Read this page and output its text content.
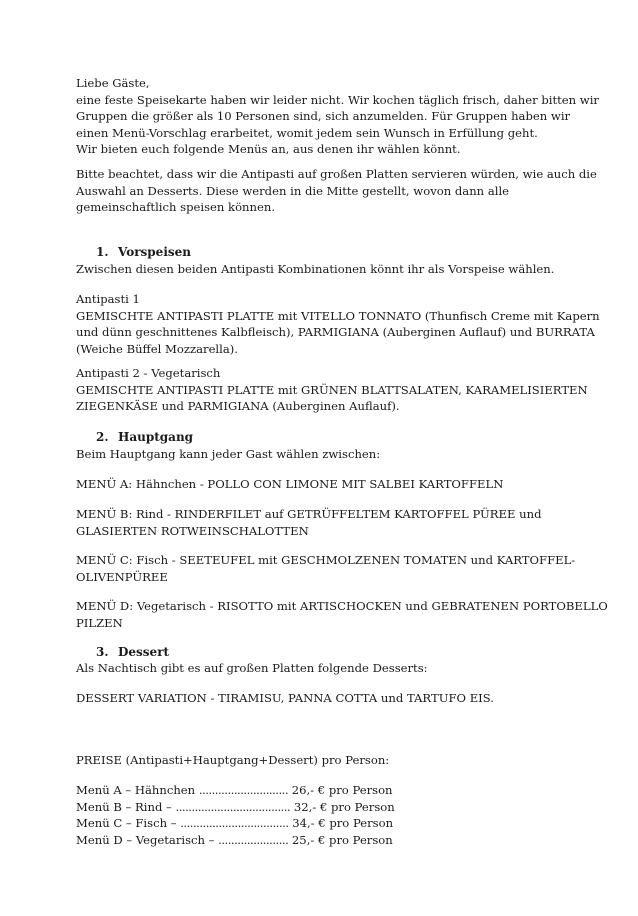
Liebe Gäste,
eine feste Speisekarte haben wir leider nicht. Wir kochen täglich frisch, daher bitten wir
Gruppen die größer als 10 Personen sind, sich anzumelden. Für Gruppen haben wir
einen Menü-Vorschlag erarbeitet, womit jedem sein Wunsch in Erfüllung geht.
Wir bieten euch folgende Menüs an, aus denen ihr wählen könnt.
Bitte beachtet, dass wir die Antipasti auf großen Platten servieren würden, wie auch die
Auswahl an Desserts. Diese werden in die Mitte gestellt, wovon dann alle
gemeinschaftlich speisen können.
1. Vorspeisen
Zwischen diesen beiden Antipasti Kombinationen könnt ihr als Vorspeise wählen.
Antipasti 1
GEMISCHTE ANTIPASTI PLATTE mit VITELLO TONNATO (Thunfisch Creme mit Kapern
und dünn geschnittenes Kalbfleisch), PARMIGIANA (Auberginen Auflauf) und BURRATA
(Weiche Büffel Mozzarella).
Antipasti 2 - Vegetarisch
GEMISCHTE ANTIPASTI PLATTE mit GRÜNEN BLATTSALATEN, KARAMELISIERTEN
ZIEGENKÄSE und PARMIGIANA (Auberginen Auflauf).
2. Hauptgang
Beim Hauptgang kann jeder Gast wählen zwischen:
MENÜ A: Hähnchen - POLLO CON LIMONE MIT SALBEI KARTOFFELN
MENÜ B: Rind - RINDERFILET auf GETRÜFFELTEM KARTOFFEL PÜREE und
GLASIERTEN ROTWEINSCHALOTTEN
MENÜ C: Fisch - SEETEUFEL mit GESCHMOLZENEN TOMATEN und KARTOFFEL-
OLIVENPÜREE
MENÜ D: Vegetarisch - RISOTTO mit ARTISCHOCKEN und GEBRATENEN PORTOBELLO
PILZEN
3. Dessert
Als Nachtisch gibt es auf großen Platten folgende Desserts:
DESSERT VARIATION - TIRAMISU, PANNA COTTA und TARTUFO EIS.
PREISE (Antipasti+Hauptgang+Dessert) pro Person:
Menü A – Hähnchen ............................ 26,- € pro Person
Menü B – Rind – .................................... 32,- € pro Person
Menü C – Fisch – .................................. 34,- € pro Person
Menü D – Vegetarisch – ...................... 25,- € pro Person
